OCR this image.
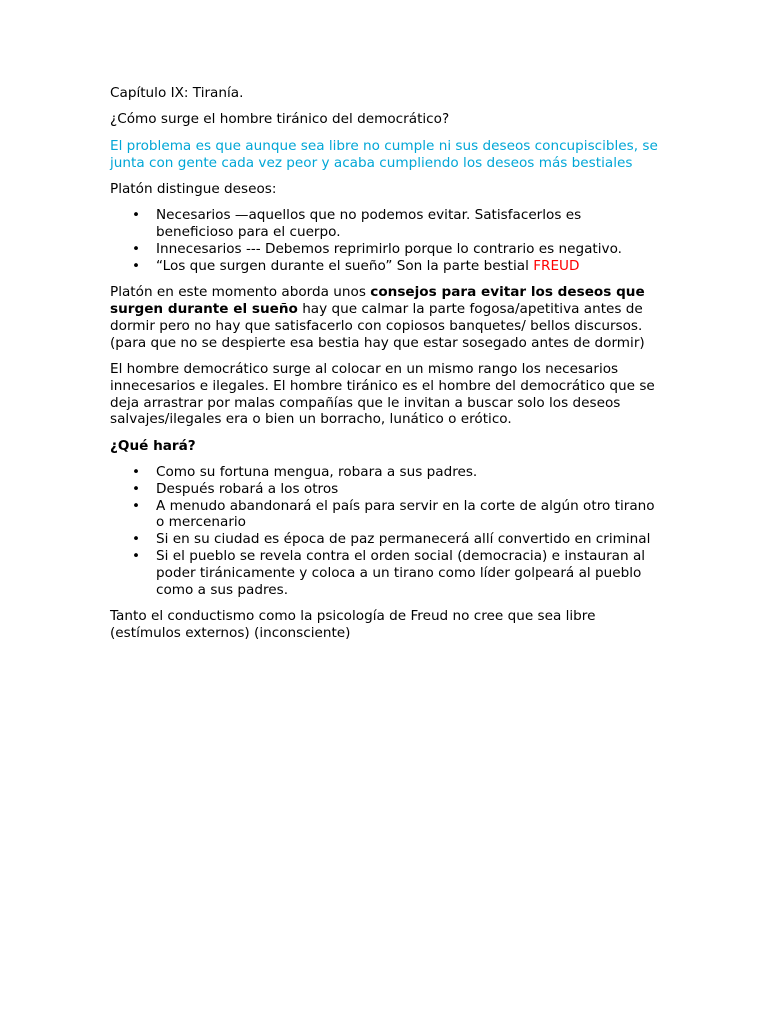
Capítulo IX: Tiranía.

¿Cómo surge el hombre tiránico del democrático?

El problema es que aunque sea libre no cumple ni sus deseos concupiscibles, se junta con gente cada vez peor y acaba cumpliendo los deseos más bestiales

Platón distingue deseos:

• Necesarios —aquellos que no podemos evitar. Satisfacerlos es beneficioso para el cuerpo.
• Innecesarios --- Debemos reprimirlo porque lo contrario es negativo.
• “Los que surgen durante el sueño” Son la parte bestial FREUD

Platón en este momento aborda unos consejos para evitar los deseos que surgen durante el sueño hay que calmar la parte fogosa/apetitiva antes de dormir pero no hay que satisfacerlo con copiosos banquetes/ bellos discursos. (para que no se despierte esa bestia hay que estar sosegado antes de dormir)

El hombre democrático surge al colocar en un mismo rango los necesarios innecesarios e ilegales. El hombre tiránico es el hombre del democrático que se deja arrastrar por malas compañías que le invitan a buscar solo los deseos salvajes/ilegales era o bien un borracho, lunático o erótico.

¿Qué hará?

• Como su fortuna mengua, robara a sus padres.
• Después robará a los otros
• A menudo abandonará el país para servir en la corte de algún otro tirano o mercenario
• Si en su ciudad es época de paz permanecerá allí convertido en criminal
• Si el pueblo se revela contra el orden social (democracia) e instauran al poder tiránicamente y coloca a un tirano como líder golpeará al pueblo como a sus padres.

Tanto el conductismo como la psicología de Freud no cree que sea libre (estímulos externos) (inconsciente)
